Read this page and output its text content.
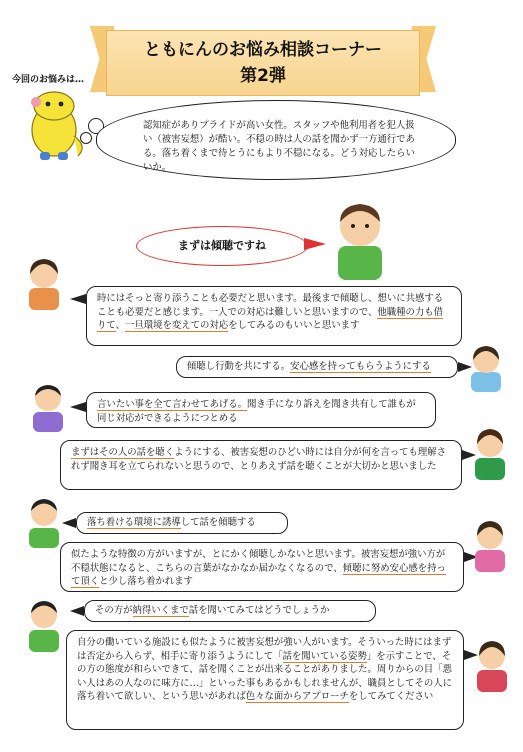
ともにんのお悩み相談コーナー
第2弾
今回のお悩みは…
認知症がありプライドが高い女性。スタッフや他利用者を犯人扱い（被害妄想）が酷い。不穏の時は人の話を聞かず一方通行である。落ち着くまで待とうにもより不穏になる。どう対応したらいいか。
まずは傾聴ですね
時にはそっと寄り添うことも必要だと思います。最後まで傾聴し、想いに共感することも必要だと感じます。一人での対応は難しいと思いますので、他職種の力も借りて、一旦環境を変えての対応をしてみるのもいいと思います
傾聴し行動を共にする。安心感を持ってもらうようにする
言いたい事を全て言わせてあげる。聞き手になり訴えを聞き共有して誰もが同じ対応ができるようにつとめる
まずはその人の話を聴くようにする、被害妄想のひどい時には自分が何を言っても理解されず聞き耳を立てられないと思うので、とりあえず話を聴くことが大切かと思いました
落ち着ける環境に誘導して話を傾聴する
似たような特徴の方がいますが、とにかく傾聴しかないと思います。被害妄想が強い方が不穏状態になると、こちらの言葉がなかなか届かなくなるので、傾聴に努め安心感を持って頂くと少し落ち着かれます
その方が納得いくまで話を聞いてみてはどうでしょうか
自分の働いている施設にも似たように被害妄想が強い人がいます。そういった時にはまずは否定から入らず、相手に寄り添うようにして「話を聞いている姿勢」を示すことで、その方の態度が和らいできて、話を聞くことが出来ることがありました。周りからの目「悪い人はあの人なのに味方に…」といった事もあるかもしれませんが、職員としてその人に落ち着いて欲しい、という思いがあれば色々な面からアプローチをしてみてください
